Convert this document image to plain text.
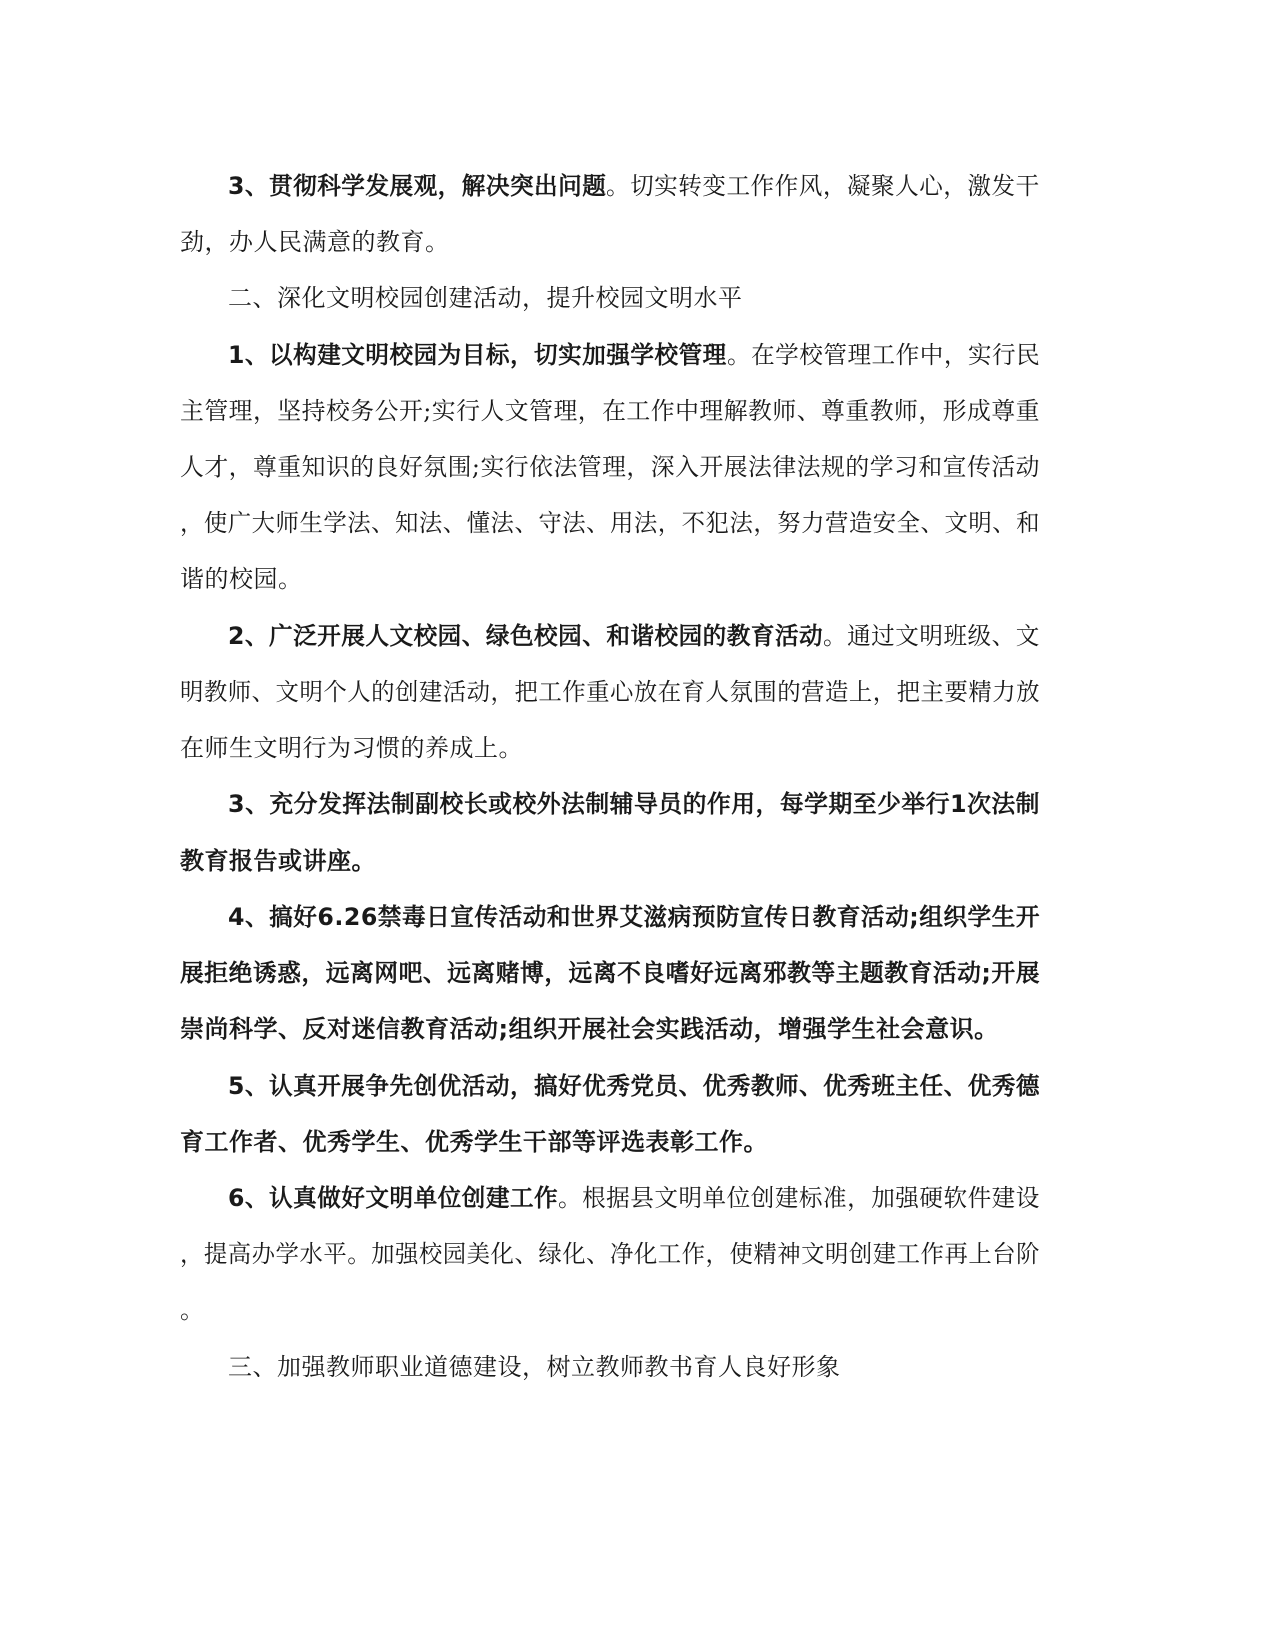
3、贯彻科学发展观，解决突出问题 。切实转变工作作风，凝聚人心，激发干
劲，办人民满意的教育。
二、深化文明校园创建活动，提升校园文明水平
1、以构建文明校园为目标，切实加强学校管理 。在学校管理工作中，实行民
主管理，坚持校务公开;实行人文管理，在工作中理解教师、尊重教师，形成尊重
人才，尊重知识的良好氛围;实行依法管理，深入开展法律法规的学习和宣传活动
，使广大师生学法、知法、懂法、守法、用法，不犯法，努力营造安全、文明、和
谐的校园。
2、广泛开展人文校园、绿色校园、和谐校园的教育活动 。通过文明班级、文
明教师、文明个人的创建活动，把工作重心放在育人氛围的营造上，把主要精力放
在师生文明行为习惯的养成上。
3、充分发挥法制副校长或校外法制辅导员的作用，每学期至少举行1次法制
教育报告或讲座。
4、搞好6.26禁毒日宣传活动和世界艾滋病预防宣传日教育活动;组织学生开
展拒绝诱惑，远离网吧、远离赌博，远离不良嗜好远离邪教等主题教育活动;开展
崇尚科学、反对迷信教育活动;组织开展社会实践活动，增强学生社会意识。
5、认真开展争先创优活动，搞好优秀党员、优秀教师、优秀班主任、优秀德
育工作者、优秀学生、优秀学生干部等评选表彰工作。
6、认真做好文明单位创建工作 。根据县文明单位创建标准，加强硬软件建设
，提高办学水平。加强校园美化、绿化、净化工作，使精神文明创建工作再上台阶
。
三、加强教师职业道德建设，树立教师教书育人良好形象
